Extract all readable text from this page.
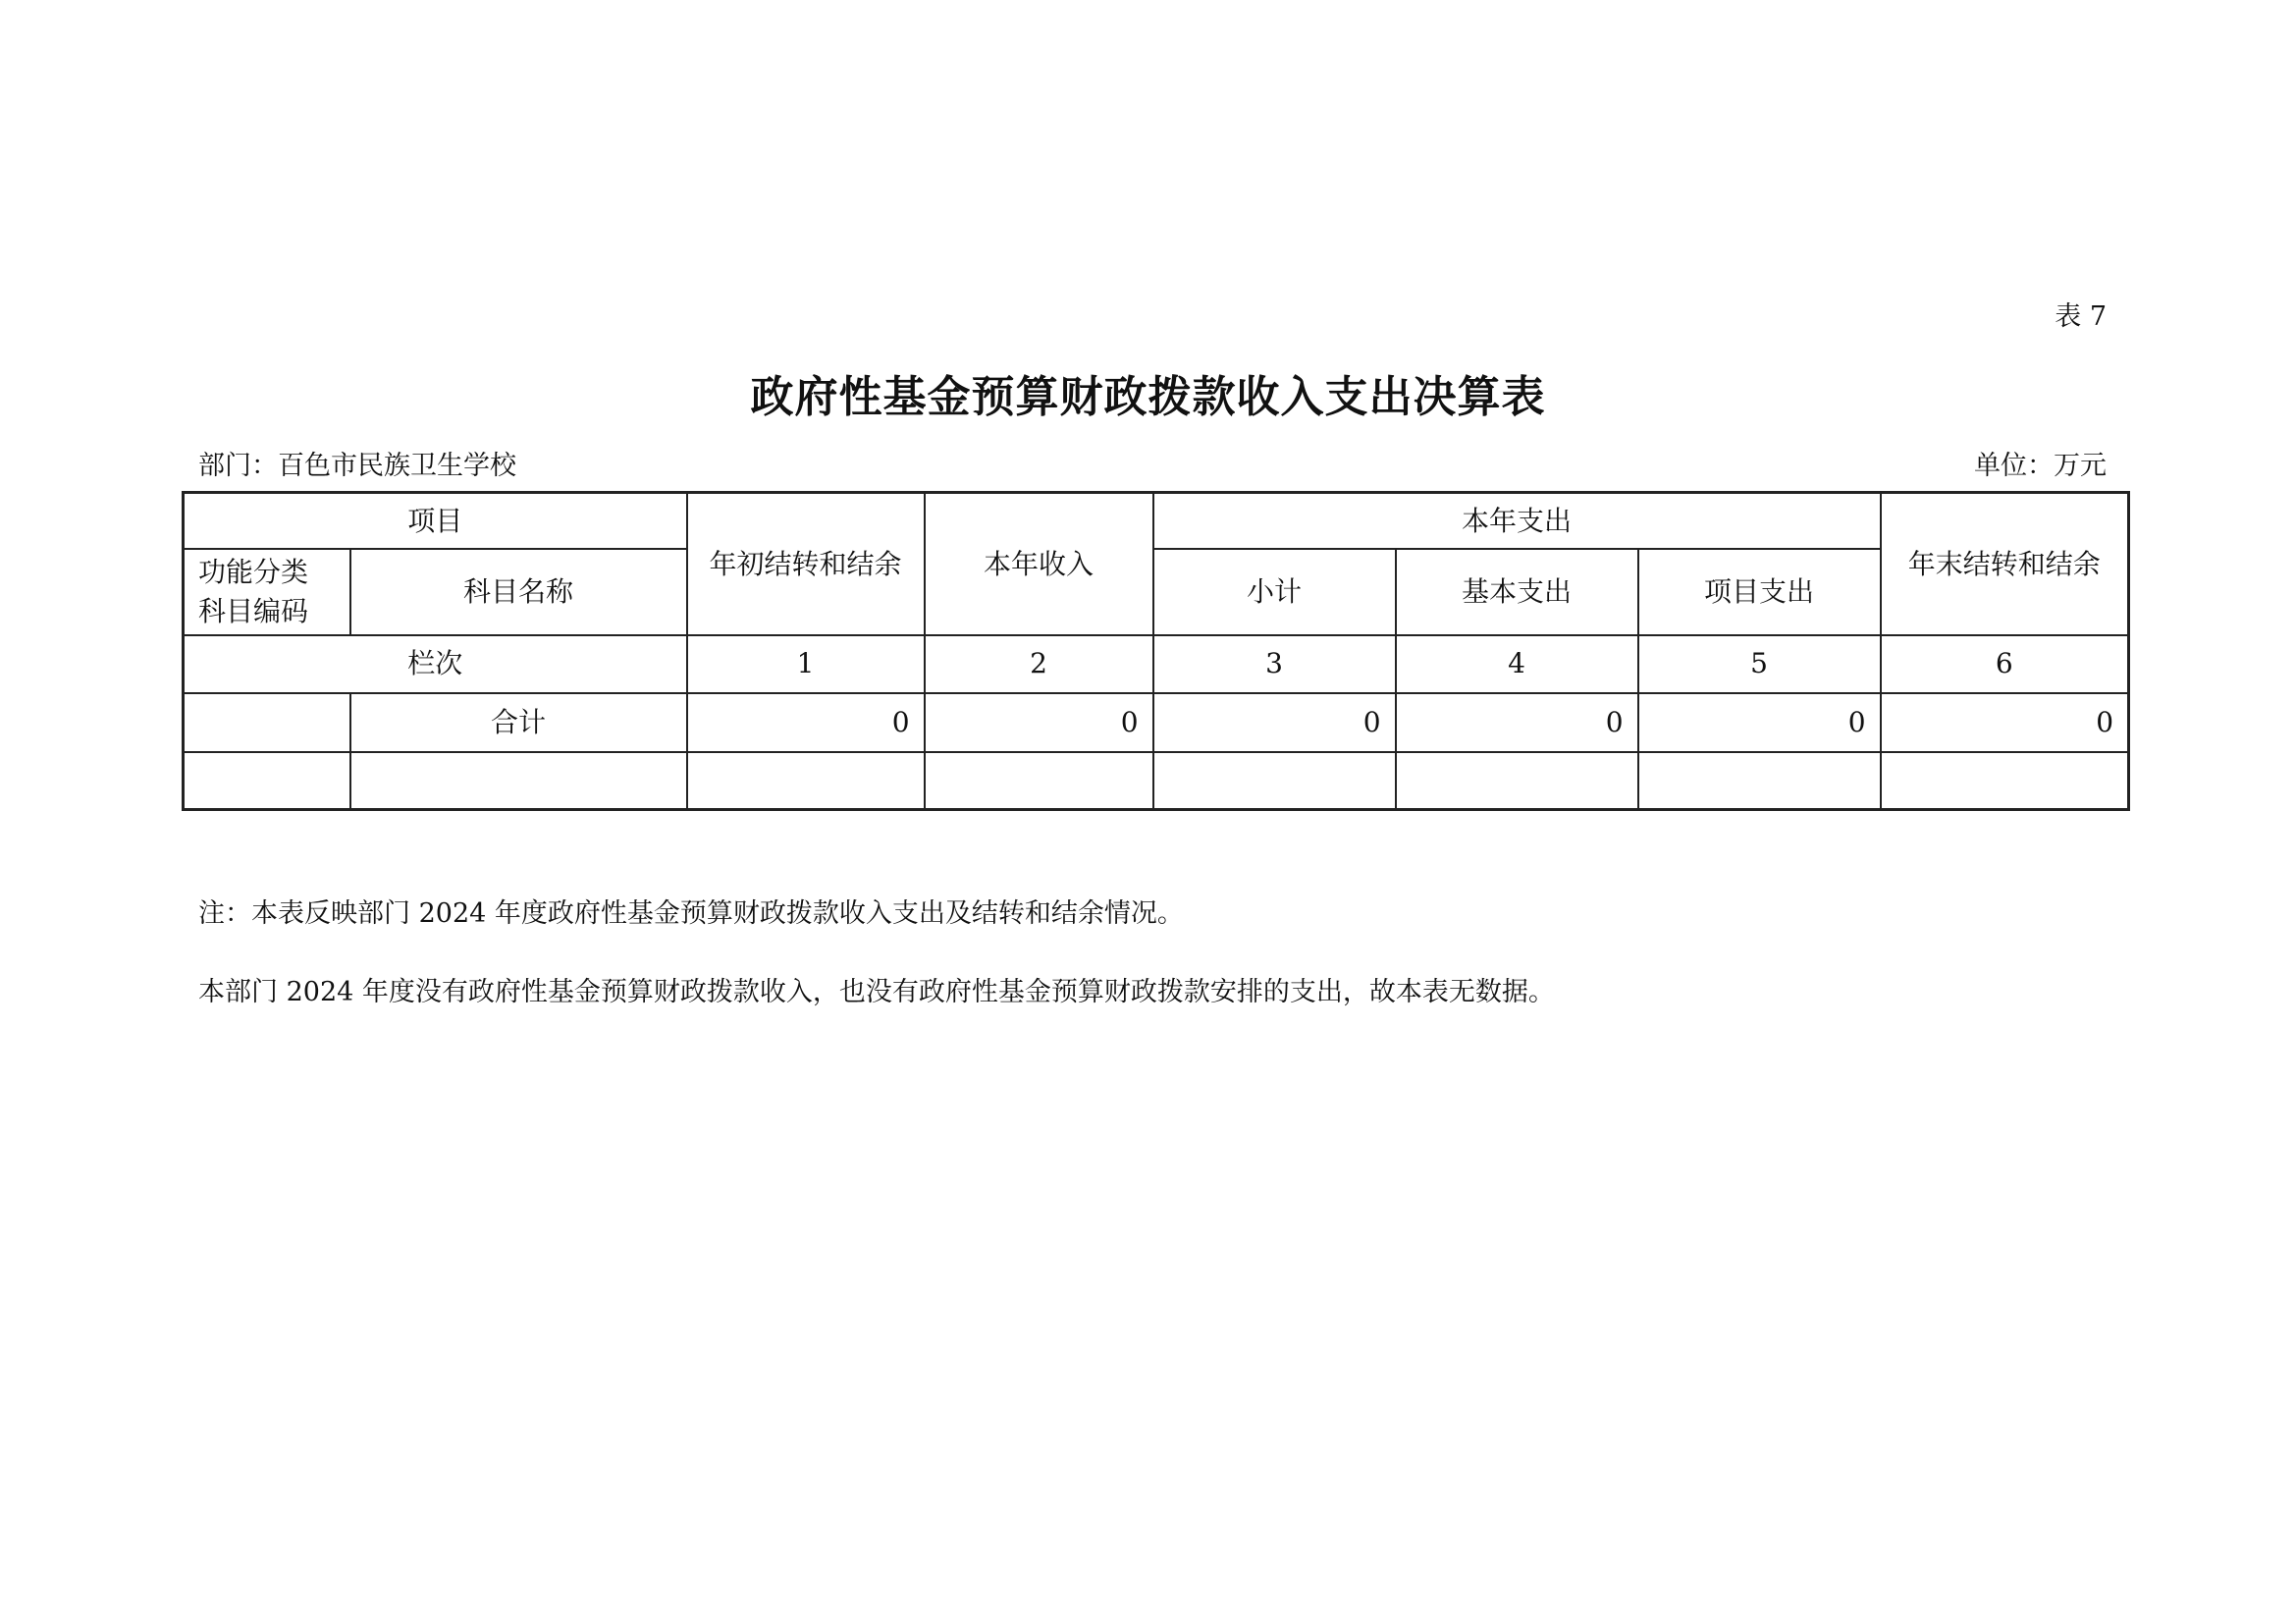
表 7
政府性基金预算财政拨款收入支出决算表
部门：百色市民族卫生学校	单位：万元
项目		年初结转和结余	本年收入	本年支出			年末结转和结余

功能分类
科目编码	科目名称			小计	基本支出	项目支出	
栏次		1	2	3	4	5	6
	合计	0	0	0	0	0	0

注：本表反映部门 2024 年度政府性基金预算财政拨款收入支出及结转和结余情况。
本部门 2024 年度没有政府性基金预算财政拨款收入，也没有政府性基金预算财政拨款安排的支出，故本表无数据。
